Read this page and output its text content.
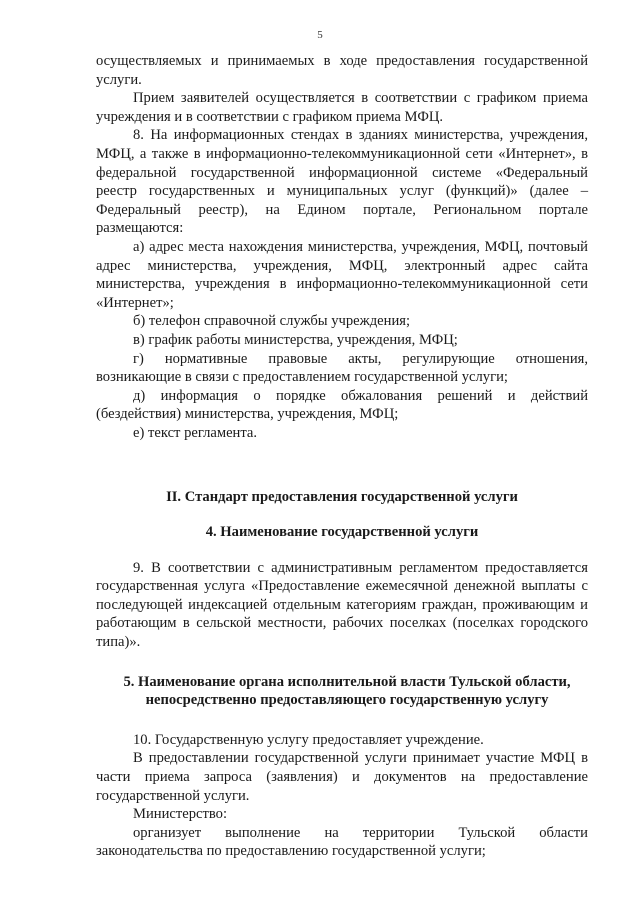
5

осуществляемых и принимаемых в ходе предоставления государственной услуги.

Прием заявителей осуществляется в соответствии с графиком приема учреждения и в соответствии с графиком приема МФЦ.

8. На информационных стендах в зданиях министерства, учреждения, МФЦ, а также в информационно-телекоммуникационной сети «Интернет», в федеральной государственной информационной системе «Федеральный реестр государственных и муниципальных услуг (функций)» (далее – Федеральный реестр), на Едином портале, Региональном портале размещаются:

а) адрес места нахождения министерства, учреждения, МФЦ, почтовый адрес министерства, учреждения, МФЦ, электронный адрес сайта министерства, учреждения в информационно-телекоммуникационной сети «Интернет»;

б) телефон справочной службы учреждения;

в) график работы министерства, учреждения, МФЦ;

г) нормативные правовые акты, регулирующие отношения, возникающие в связи с предоставлением государственной услуги;

д) информация о порядке обжалования решений и действий (бездействия) министерства, учреждения, МФЦ;

е) текст регламента.

II. Стандарт предоставления государственной услуги

4. Наименование государственной услуги

9. В соответствии с административным регламентом предоставляется государственная услуга «Предоставление ежемесячной денежной выплаты с последующей индексацией отдельным категориям граждан, проживающим и работающим в сельской местности, рабочих поселках (поселках городского типа)».

5. Наименование органа исполнительной власти Тульской области,
непосредственно предоставляющего государственную услугу

10. Государственную услугу предоставляет учреждение.

В предоставлении государственной услуги принимает участие МФЦ в части приема запроса (заявления) и документов на предоставление государственной услуги.

Министерство:

организует выполнение на территории Тульской области законодательства по предоставлению государственной услуги;
